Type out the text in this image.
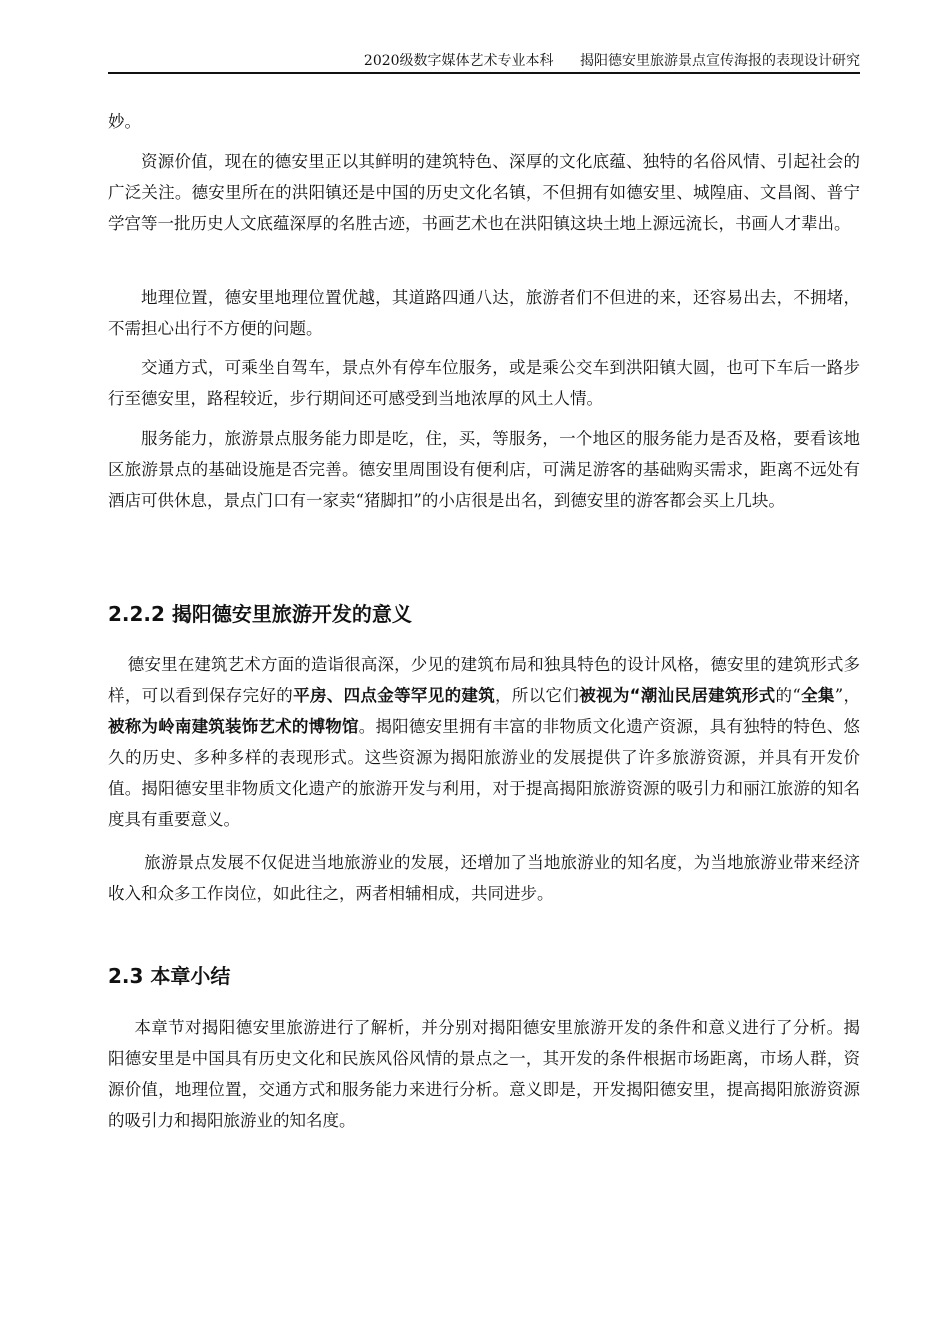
2020级数字媒体艺术专业本科 揭阳德安里旅游景点宣传海报的表现设计研究

妙。

资源价值，现在的德安里正以其鲜明的建筑特色、深厚的文化底蕴、独特的名俗风情、引起社会的广泛关注。德安里所在的洪阳镇还是中国的历史文化名镇，不但拥有如德安里、城隍庙、文昌阁、普宁学宫等一批历史人文底蕴深厚的名胜古迹，书画艺术也在洪阳镇这块土地上源远流长，书画人才辈出。

地理位置，德安里地理位置优越，其道路四通八达，旅游者们不但进的来，还容易出去，不拥堵，不需担心出行不方便的问题。

交通方式，可乘坐自驾车，景点外有停车位服务，或是乘公交车到洪阳镇大圆，也可下车后一路步行至德安里，路程较近，步行期间还可感受到当地浓厚的风土人情。

服务能力，旅游景点服务能力即是吃，住，买，等服务，一个地区的服务能力是否及格，要看该地区旅游景点的基础设施是否完善。德安里周围设有便利店，可满足游客的基础购买需求，距离不远处有酒店可供休息，景点门口有一家卖“猪脚扣”的小店很是出名，到德安里的游客都会买上几块。

2.2.2 揭阳德安里旅游开发的意义

德安里在建筑艺术方面的造诣很高深，少见的建筑布局和独具特色的设计风格，德安里的建筑形式多样，可以看到保存完好的平房、四点金等罕见的建筑，所以它们被视为“潮汕民居建筑形式的“全集”，被称为岭南建筑装饰艺术的博物馆。揭阳德安里拥有丰富的非物质文化遗产资源，具有独特的特色、悠久的历史、多种多样的表现形式。这些资源为揭阳旅游业的发展提供了许多旅游资源，并具有开发价值。揭阳德安里非物质文化遗产的旅游开发与利用，对于提高揭阳旅游资源的吸引力和丽江旅游的知名度具有重要意义。

旅游景点发展不仅促进当地旅游业的发展，还增加了当地旅游业的知名度，为当地旅游业带来经济收入和众多工作岗位，如此往之，两者相辅相成，共同进步。

2.3 本章小结

本章节对揭阳德安里旅游进行了解析，并分别对揭阳德安里旅游开发的条件和意义进行了分析。揭阳德安里是中国具有历史文化和民族风俗风情的景点之一，其开发的条件根据市场距离，市场人群，资源价值，地理位置，交通方式和服务能力来进行分析。意义即是，开发揭阳德安里，提高揭阳旅游资源的吸引力和揭阳旅游业的知名度。
